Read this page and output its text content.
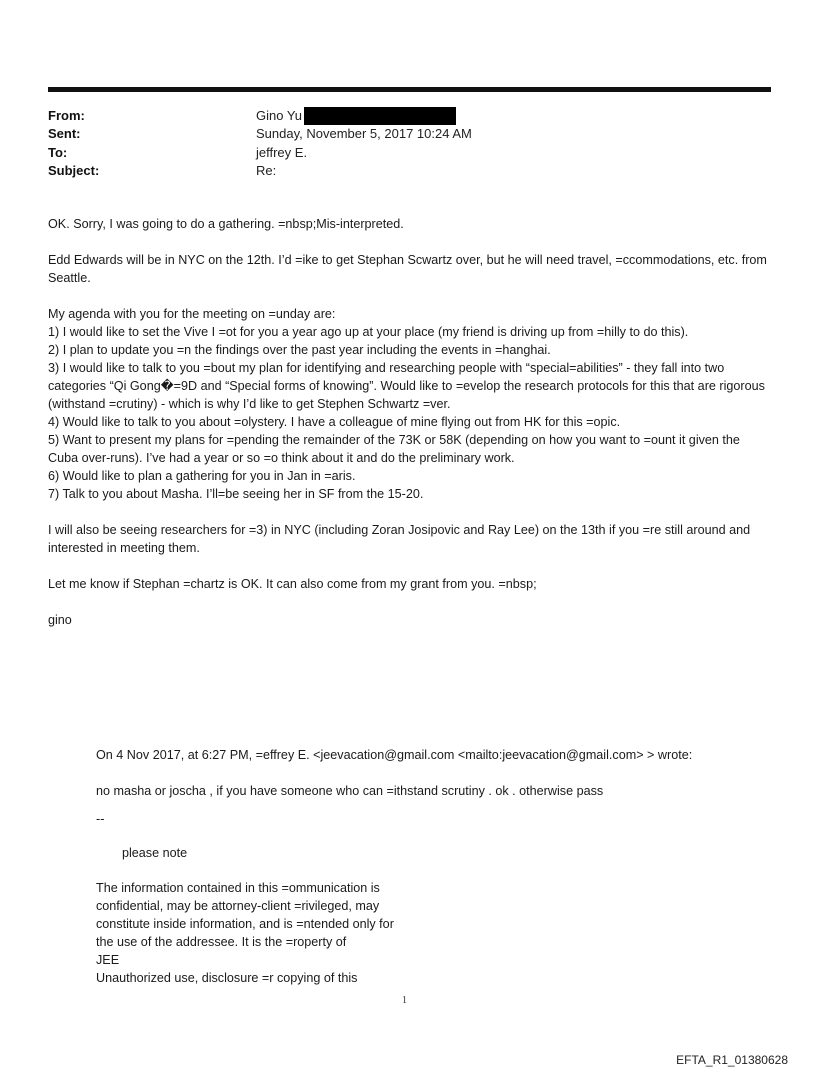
From:	Gino Yu
Sent:	Sunday, November 5, 2017 10:24 AM
To:	jeffrey E.
Subject:	Re:

OK. Sorry, I was going to do a gathering. =nbsp;Mis-interpreted.

Edd Edwards will be in NYC on the 12th. I’d =ike to get Stephan Scwartz over, but he will need travel, =ccommodations, etc. from Seattle.

My agenda with you for the meeting on =unday are:
1) I would like to set the Vive I =ot for you a year ago up at your place (my friend is driving up from =hilly to do this).
2) I plan to update you =n the findings over the past year including the events in =hanghai.
3) I would like to talk to you =bout my plan for identifying and researching people with “special=abilities” - they fall into two categories “Qi Gong�=9D and “Special forms of knowing”. Would like to =evelop the research protocols for this that are rigorous (withstand =crutiny) - which is why I’d like to get Stephen Schwartz =ver.
4) Would like to talk to you about =olystery. I have a colleague of mine flying out from HK for this =opic.
5) Want to present my plans for =pending the remainder of the 73K or 58K (depending on how you want to =ount it given the Cuba over-runs). I’ve had a year or so =o think about it and do the preliminary work.
6) Would like to plan a gathering for you in Jan in =aris.
7) Talk to you about Masha. I’ll=be seeing her in SF from the 15-20.

I will also be seeing researchers for =3) in NYC (including Zoran Josipovic and Ray Lee) on the 13th if you =re still around and interested in meeting them.

Let me know if Stephan =chartz is OK. It can also come from my grant from you. =nbsp;

gino

On 4 Nov 2017, at 6:27 PM, =effrey E. <jeevacation@gmail.com <mailto:jeevacation@gmail.com> > wrote:
no masha or joscha , if you have someone who can =ithstand scrutiny . ok . otherwise pass
--
please note
The information contained in this =ommunication is
confidential, may be attorney-client =rivileged, may
constitute inside information, and is =ntended only for
the use of the addressee. It is the =roperty of
JEE
Unauthorized use, disclosure =r copying of this
1
EFTA_R1_01380628
